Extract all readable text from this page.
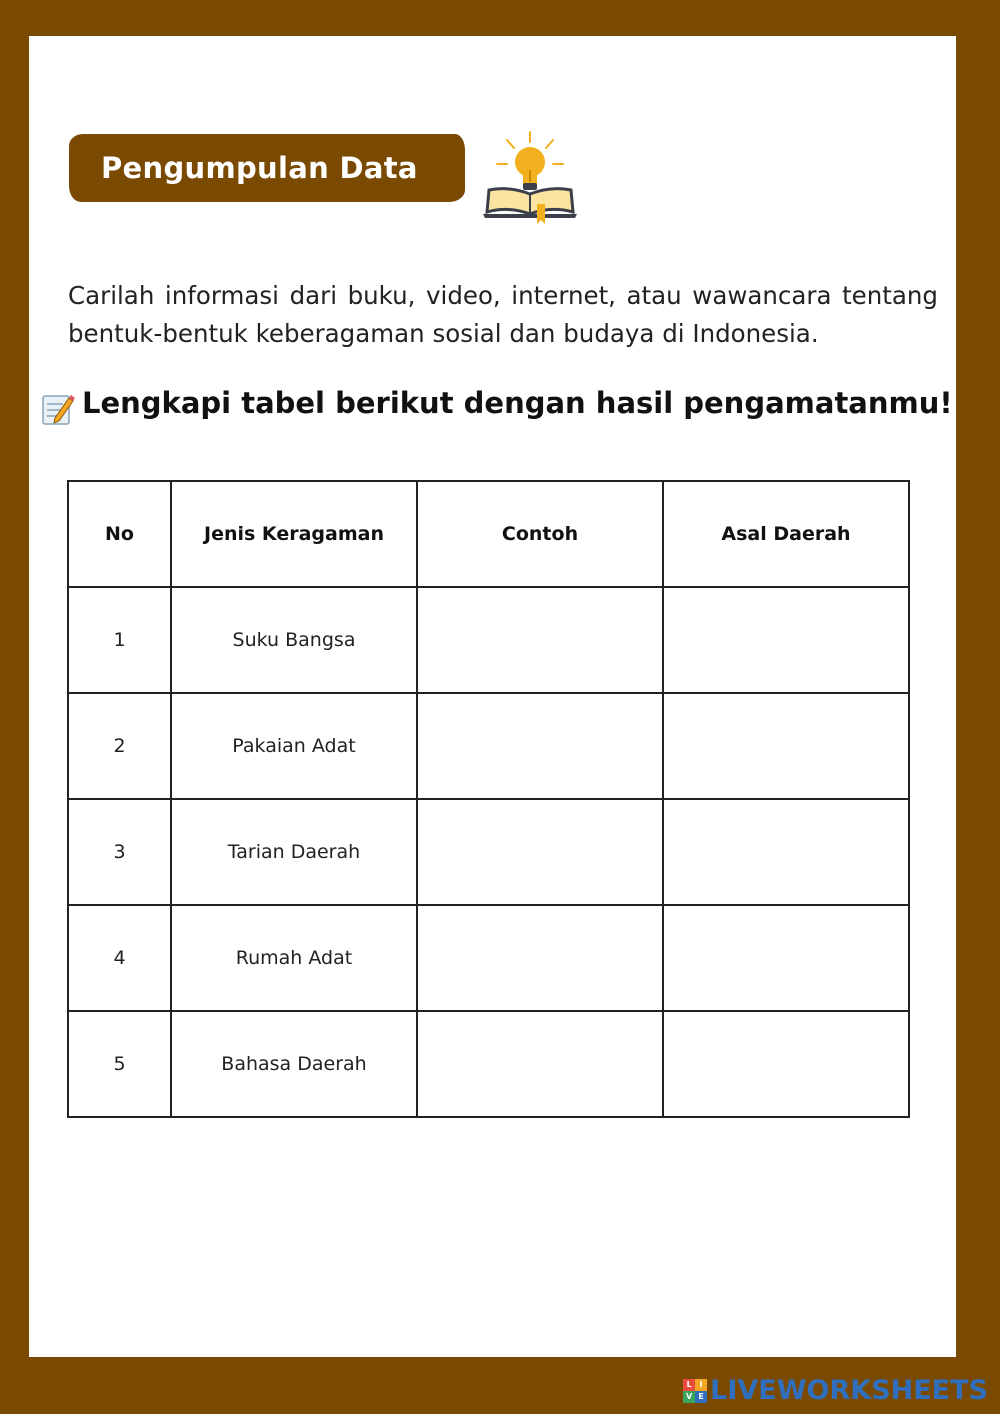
Pengumpulan Data

Carilah informasi dari buku, video, internet, atau wawancara tentang bentuk-bentuk keberagaman sosial dan budaya di Indonesia.

Lengkapi tabel berikut dengan hasil pengamatanmu!
No	Jenis Keragaman	Contoh	Asal Daerah
1	Suku Bangsa		
2	Pakaian Adat		
3	Tarian Daerah		
4	Rumah Adat		
5	Bahasa Daerah		
L I
V E LIVEWORKSHEETS
